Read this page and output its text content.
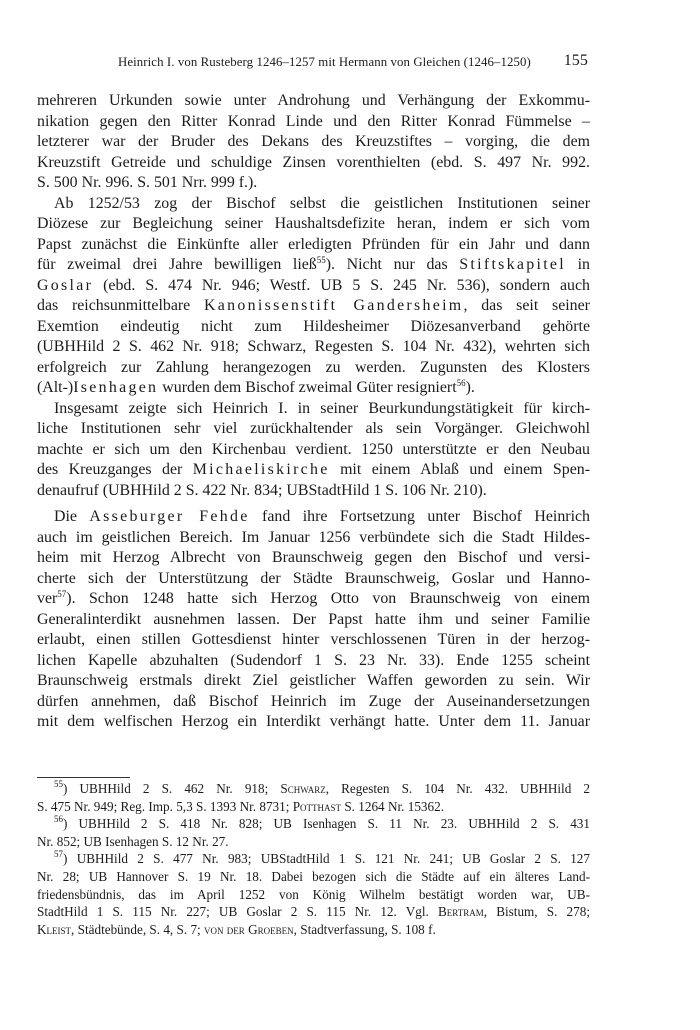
Heinrich I. von Rusteberg 1246–1257 mit Hermann von Gleichen (1246–1250) 155

mehreren Urkunden sowie unter Androhung und Verhängung der Exkommu-

nikation gegen den Ritter Konrad Linde und den Ritter Konrad Fümmelse –

letzterer war der Bruder des Dekans des Kreuzstiftes – vorging, die dem

Kreuzstift Getreide und schuldige Zinsen vorenthielten (ebd. S. 497 Nr. 992.

S. 500 Nr. 996. S. 501 Nrr. 999 f.).

Ab 1252/53 zog der Bischof selbst die geistlichen Institutionen seiner

Diözese zur Begleichung seiner Haushaltsdefizite heran, indem er sich vom

Papst zunächst die Einkünfte aller erledigten Pfründen für ein Jahr und dann

für zweimal drei Jahre bewilligen ließ$^{55}$). Nicht nur das Stiftskapitel in

Goslar (ebd. S. 474 Nr. 946; Westf. UB 5 S. 245 Nr. 536), sondern auch

das reichsunmittelbare Kanonissenstift Gandersheim, das seit seiner

Exemtion eindeutig nicht zum Hildesheimer Diözesanverband gehörte

(UBHHild 2 S. 462 Nr. 918; Schwarz, Regesten S. 104 Nr. 432), wehrten sich

erfolgreich zur Zahlung herangezogen zu werden. Zugunsten des Klosters

(Alt-)Isenhagen wurden dem Bischof zweimal Güter resigniert$^{56}$).

Insgesamt zeigte sich Heinrich I. in seiner Beurkundungstätigkeit für kirch-

liche Institutionen sehr viel zurückhaltender als sein Vorgänger. Gleichwohl

machte er sich um den Kirchenbau verdient. 1250 unterstützte er den Neubau

des Kreuzganges der Michaeliskirche mit einem Ablaß und einem Spen-

denaufruf (UBHHild 2 S. 422 Nr. 834; UBStadtHild 1 S. 106 Nr. 210).

Die Asseburger Fehde fand ihre Fortsetzung unter Bischof Heinrich

auch im geistlichen Bereich. Im Januar 1256 verbündete sich die Stadt Hildes-

heim mit Herzog Albrecht von Braunschweig gegen den Bischof und versi-

cherte sich der Unterstützung der Städte Braunschweig, Goslar und Hanno-

ver$^{57}$). Schon 1248 hatte sich Herzog Otto von Braunschweig von einem

Generalinterdikt ausnehmen lassen. Der Papst hatte ihm und seiner Familie

erlaubt, einen stillen Gottesdienst hinter verschlossenen Türen in der herzog-

lichen Kapelle abzuhalten (Sudendorf 1 S. 23 Nr. 33). Ende 1255 scheint

Braunschweig erstmals direkt Ziel geistlicher Waffen geworden zu sein. Wir

dürfen annehmen, daß Bischof Heinrich im Zuge der Auseinandersetzungen

mit dem welfischen Herzog ein Interdikt verhängt hatte. Unter dem 11. Januar

$^{55}$) UBHHild 2 S. 462 Nr. 918; Schwarz, Regesten S. 104 Nr. 432. UBHHild 2

S. 475 Nr. 949; Reg. Imp. 5,3 S. 1393 Nr. 8731; Potthast S. 1264 Nr. 15362.

$^{56}$) UBHHild 2 S. 418 Nr. 828; UB Isenhagen S. 11 Nr. 23. UBHHild 2 S. 431

Nr. 852; UB Isenhagen S. 12 Nr. 27.

$^{57}$) UBHHild 2 S. 477 Nr. 983; UBStadtHild 1 S. 121 Nr. 241; UB Goslar 2 S. 127

Nr. 28; UB Hannover S. 19 Nr. 18. Dabei bezogen sich die Städte auf ein älteres Land-

friedensbündnis, das im April 1252 von König Wilhelm bestätigt worden war, UB-

StadtHild 1 S. 115 Nr. 227; UB Goslar 2 S. 115 Nr. 12. Vgl. Bertram, Bistum, S. 278;

Kleist, Städtebünde, S. 4, S. 7; von der Groeben, Stadtverfassung, S. 108 f.
